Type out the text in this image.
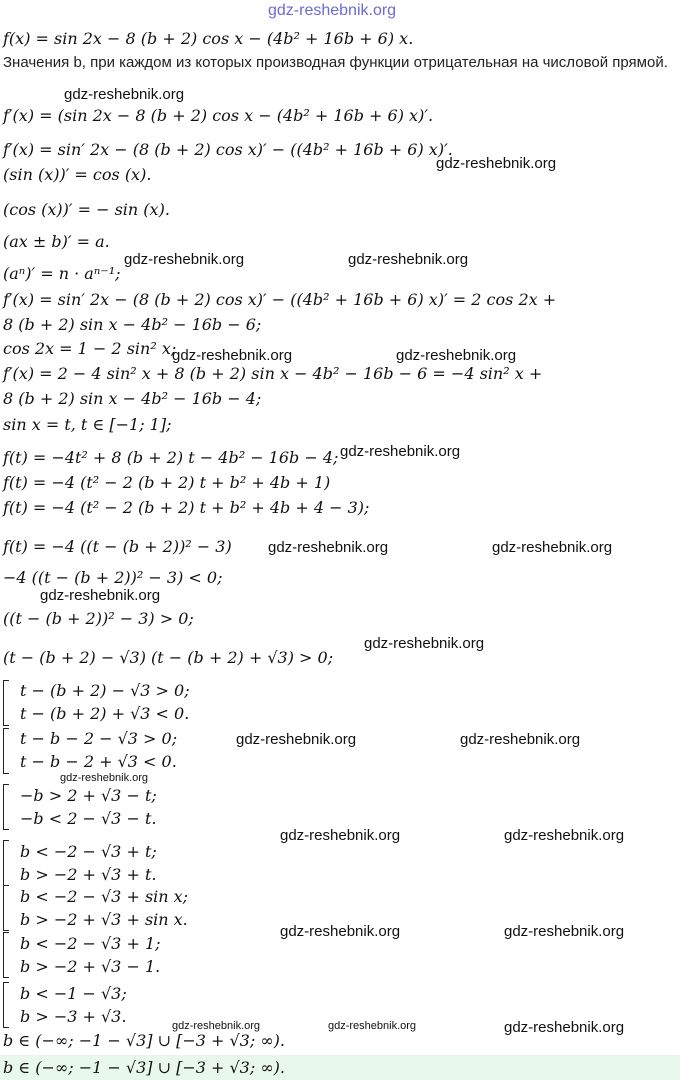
gdz-reshebnik.org
f(x) = sin 2x − 8 (b + 2) cos x − (4b² + 16b + 6) x.
Значения b, при каждом из которых производная функции отрицательная на числовой прямой.
f′(x) = (sin 2x − 8 (b + 2) cos x − (4b² + 16b + 6) x)′.
f′(x) = sin′ 2x − (8 (b + 2) cos x)′ − ((4b² + 16b + 6) x)′.
(sin (x))′ = cos (x).
(cos (x))′ = − sin (x).
(ax ± b)′ = a.
(aⁿ)′ = n · aⁿ⁻¹;
f′(x) = sin′ 2x − (8 (b + 2) cos x)′ − ((4b² + 16b + 6) x)′ = 2 cos 2x +
8 (b + 2) sin x − 4b² − 16b − 6;
cos 2x = 1 − 2 sin² x;
f′(x) = 2 − 4 sin² x + 8 (b + 2) sin x − 4b² − 16b − 6 = −4 sin² x +
8 (b + 2) sin x − 4b² − 16b − 4;
sin x = t, t ∈ [−1; 1];
f(t) = −4t² + 8 (b + 2) t − 4b² − 16b − 4;
f(t) = −4 (t² − 2 (b + 2) t + b² + 4b + 1)
f(t) = −4 (t² − 2 (b + 2) t + b² + 4b + 4 − 3);
f(t) = −4 ((t − (b + 2))² − 3)
−4 ((t − (b + 2))² − 3) < 0;
((t − (b + 2))² − 3) > 0;
(t − (b + 2) − √3) (t − (b + 2) + √3) > 0;
t − (b + 2) − √3 > 0;
t − (b + 2) + √3 < 0.
t − b − 2 − √3 > 0;
t − b − 2 + √3 < 0.
−b > 2 + √3 − t;
−b < 2 − √3 − t.
b < −2 − √3 + t;
b > −2 + √3 + t.
b < −2 − √3 + sin x;
b > −2 + √3 + sin x.
b < −2 − √3 + 1;
b > −2 + √3 − 1.
b < −1 − √3;
b > −3 + √3.
b ∈ (−∞; −1 − √3] ∪ [−3 + √3; ∞).
b ∈ (−∞; −1 − √3] ∪ [−3 + √3; ∞).
gdz-reshebnik.org
gdz-reshebnik.org
gdz-reshebnik.org	gdz-reshebnik.org
gdz-reshebnik.org	gdz-reshebnik.org
gdz-reshebnik.org
gdz-reshebnik.org	gdz-reshebnik.org
gdz-reshebnik.org
gdz-reshebnik.org
gdz-reshebnik.org	gdz-reshebnik.org
gdz-reshebnik.org
gdz-reshebnik.org	gdz-reshebnik.org
gdz-reshebnik.org	gdz-reshebnik.org
gdz-reshebnik.org	gdz-reshebnik.org	gdz-reshebnik.org
